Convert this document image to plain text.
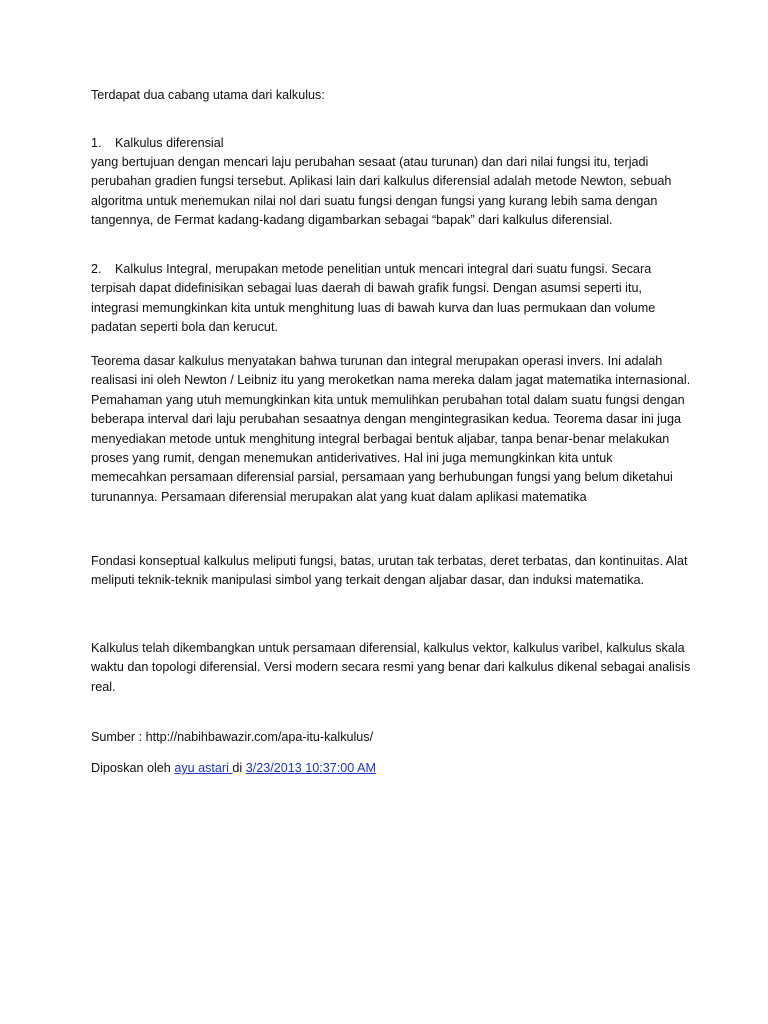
Terdapat dua cabang utama dari kalkulus:

1. Kalkulus diferensial

yang bertujuan dengan mencari laju perubahan sesaat (atau turunan) dan dari nilai fungsi itu, terjadi perubahan gradien fungsi tersebut. Aplikasi lain dari kalkulus diferensial adalah metode Newton, sebuah algoritma untuk menemukan nilai nol dari suatu fungsi dengan fungsi yang kurang lebih sama dengan tangennya, de Fermat kadang-kadang digambarkan sebagai “bapak” dari kalkulus diferensial.

2. Kalkulus Integral, merupakan metode penelitian untuk mencari integral dari suatu fungsi. Secara terpisah dapat didefinisikan sebagai luas daerah di bawah grafik fungsi. Dengan asumsi seperti itu, integrasi memungkinkan kita untuk menghitung luas di bawah kurva dan luas permukaan dan volume padatan seperti bola dan kerucut.

Teorema dasar kalkulus menyatakan bahwa turunan dan integral merupakan operasi invers. Ini adalah realisasi ini oleh Newton / Leibniz itu yang meroketkan nama mereka dalam jagat matematika internasional. Pemahaman yang utuh memungkinkan kita untuk memulihkan perubahan total dalam suatu fungsi dengan beberapa interval dari laju perubahan sesaatnya dengan mengintegrasikan kedua. Teorema dasar ini juga menyediakan metode untuk menghitung integral berbagai bentuk aljabar, tanpa benar-benar melakukan proses yang rumit, dengan menemukan antiderivatives. Hal ini juga memungkinkan kita untuk memecahkan persamaan diferensial parsial, persamaan yang berhubungan fungsi yang belum diketahui turunannya. Persamaan diferensial merupakan alat yang kuat dalam aplikasi matematika

Fondasi konseptual kalkulus meliputi fungsi, batas, urutan tak terbatas, deret terbatas, dan kontinuitas. Alat meliputi teknik-teknik manipulasi simbol yang terkait dengan aljabar dasar, dan induksi matematika.

Kalkulus telah dikembangkan untuk persamaan diferensial, kalkulus vektor, kalkulus varibel, kalkulus skala waktu dan topologi diferensial. Versi modern secara resmi yang benar dari kalkulus dikenal sebagai analisis real.

Sumber : http://nabihbawazir.com/apa-itu-kalkulus/

Diposkan oleh ayu astari di 3/23/2013 10:37:00 AM
